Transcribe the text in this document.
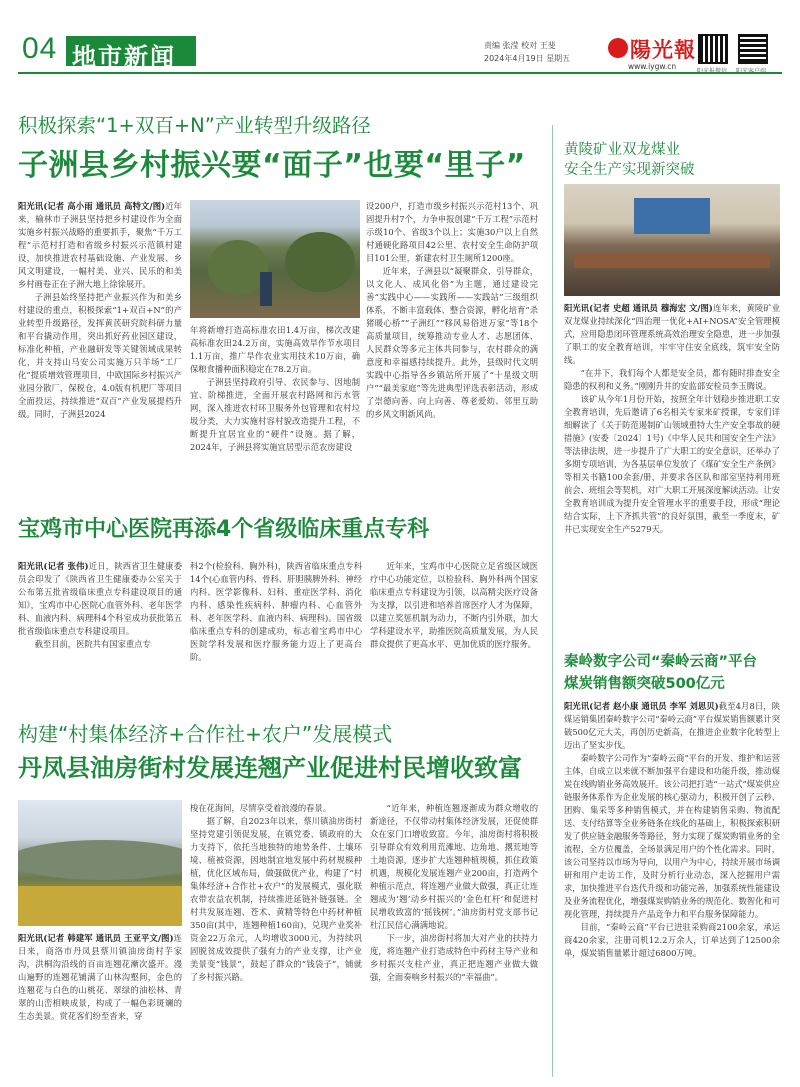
04 地市新闻	责编 张滢 校对 王斐
2024年4月19日 星期五	陽光報
www.iygw.cn
积极探索“1+双百+N”产业转型升级路径
子洲县乡村振兴要“面子”也要“里子”
阳光讯(记者 高小雨 通讯员 高特文/图)近年来，榆林市子洲县坚持把乡村建设作为全面实施乡村振兴战略的重要抓手，聚焦“千万工程”示范村打造和省级乡村振兴示范镇村建设，加快推进农村基础设施、产业发展、乡风文明建设，一幅村美、业兴、民乐的和美乡村画卷正在子洲大地上徐徐展开。

子洲县始终坚持把产业振兴作为和美乡村建设的重点，积极探索“1+双百+N”的产业转型升级路径，发挥黄芪研究院科研力量和平台撬动作用，突出抓好药业园区建设，标准化种植，产业融研发等关键领域成果转化，并支持山马安公司实施万只羊场“工厂化”提质增效管理项目，中欧国际乡村振兴产业园分散厂，保税仓，4.0版有机肥厂等项目全面投运，持续推进“双百”产业发展提档升级。同时，子洲县2024

年将新增打造高标准农田1.4万亩，梯次改建高标准农田24.2万亩，实施高效旱作节水项目1.1万亩，推广旱作农业实用技术10万亩，确保粮食播种面积稳定在78.2万亩。

子洲县坚持政府引导、农民参与、因地制宜、阶梯推进，全面开展农村路网和污水管网，深入推进农村环卫服务外包管理和农村垃圾分类，大力实施村容村貌改造提升工程，不断提升宜居宜业的“硬件”设施。据了解，2024年，子洲县将实施宜居型示范农房建设

设200户，打造市级乡村振兴示范村13个、巩固提升村7个，力争申报创建“千万工程”示范村示级10个、省级3个以上；实施30户以上自然村通硬化路项目42公里、农村安全生命防护项目101公里，新建农村卫生厕所1200座。

近年来，子洲县以“凝聚群众、引导群众，以文化人、成风化俗”为主题，通过建设完善“实践中心——实践所——实践站”三级组织体系，不断丰富载体、整合资源，孵化培育“杀猪暖心桥”“子洲红”“移风易俗进万家”等18个高质量项目，统筹推动专业人才、志愿团体、人民群众等多元主体共同参与，农村群众的满意度和幸福感持续提升。此外，县级时代文明实践中心指导各乡镇站所开展了“十星级文明户”“最美家庭”等先进典型评选表彰活动，形成了崇德向善、向上向善、尊老爱幼、邻里互助的乡风文明新风尚。

宝鸡市中心医院再添4个省级临床重点专科
阳光讯(记者 张伟)近日，陕西省卫生健康委员会印发了《陕西省卫生健康委办公室关于公布第五批省级临床重点专科建设项目的通知》，宝鸡市中心医院心血管外科、老年医学科、血液内科、病理科4个科室成功获批第五批省级临床重点专科建设项目。

截至目前，医院共有国家重点专

科2个(检验科、胸外科)，陕西省临床重点专科14个(心血管内科、骨科、肝胆胰脾外科、神经内科、医学影像科、妇科、重症医学科、消化内科、感染性疾病科、肿瘤内科、心血管外科、老年医学科、血液内科、病理科)。国省级临床重点专科的创建成功，标志着宝鸡市中心医院学科发展和医疗服务能力迈上了更高台阶。

近年来，宝鸡市中心医院立足省级区域医疗中心功能定位，以检验科、胸外科两个国家临床重点专科建设为引领，以高精尖医疗设备为支撑，以引进和培养首席医疗人才为保障，以建立奖惩机制为动力，不断内引外联，加大学科建设水平，助推医院高质量发展，为人民群众提供了更高水平、更加优质的医疗服务。

构建“村集体经济+合作社+农户”发展模式
丹凤县油房街村发展连翘产业促进村民增收致富
阳光讯(记者 韩建军 通讯员 王亚平文/图)连日来，商洛市丹凤县蔡川镇油房街村芋家沟，洪桐沟沿线的百亩连翘花漸次盛开。漫山遍野的连翘花铺满了山林沟壑间，金色的连翘花与白色的山桃花、翠绿的油松林、青翠的山峦相映成景，构成了一幅色彩斑斓的生态美景。赏花客们纷至沓来，穿
梭在花海间，尽情享受着浪漫的春景。

据了解，自2023年以来，蔡川镇油房街村坚持党建引领促发展，在镇党委、镇政府的大力支持下，依托当地独特的地势条件、土壤环境、植被资源，因地制宜地发展中药材规模种植，优化区域布局，做强做优产业，构建了“村集体经济+合作社+农户”的发展模式，强化联农带农益农机制，持续推进延链补链强链。全村共发展连翘、苍术、黄精等特色中药材种植350亩(其中，连翘种植160亩)，兑现产业奖补资金22万余元，人均增收3000元，为持续巩固脱贫成效提供了强有力的产业支撑，让产业美景变“钱景”，鼓起了群众的“钱袋子”，铺就了乡村振兴路。

“近年来，种植连翘逐渐成为群众增收的新途径，不仅带动村集体经济发展，还促使群众在家门口增收致富。今年，油房街村将积极引导群众有效利用荒滩地、边角地、撂荒地等土地资源，逐步扩大连翘种植规模，抓住政策机遇，规模化发展连翘产业200亩，打造两个种植示范点，将连翘产业做大做强，真正让连翘成为‘翘’动乡村振兴的‘金色杠杆’和促进村民增收致富的‘摇钱树’。”油房街村党支部书记杜江民信心满满地说。

下一步，油房街村将加大对产业的扶持力度，将连翘产业打造成特色中药材主导产业和乡村振兴支柱产业，真正把连翘产业做大做强，全面奏响乡村振兴的“幸福曲”。

黄陵矿业双龙煤业
安全生产实现新突破
阳光讯(记者 史超 通讯员 穆海宏 文/图)连年来，黄陵矿业双龙煤业持续深化“四治理一优化+AI+NOSA”安全管理模式，应用隐患闭环管理系统高效治理安全隐患，进一步加强了职工的安全教育培训，牢牢守住安全底线，筑牢安全防线。

“在井下，我们每个人都是安全员，都有随时排查安全隐患的权利和义务。”刚刚升井的安监部安检员李玉腾说。

该矿从今年1月份开始，按照全年计划稳步推进职工安全教育培训，先后邀请了6名相关专家来矿授课，专家们详细解读了《关于防范遏制矿山领域重特大生产安全事故的硬措施》(安委〔2024〕1号)《中华人民共和国安全生产法》等法律法规，进一步提升了广大职工的安全意识，还举办了多期专项培训，为各基层单位发放了《煤矿安全生产条例》等相关书籍100余套/册，并要求各区队和部室坚持利用班前会、班组会等契机，对广大职工开展深度解读活动。让安全教育培训成为提升安全管理水平的重要手段，形成“理论结合实际，上下齐抓共管”的良好氛围，截至一季度末，矿井已实现安全生产5279天。

秦岭数字公司“秦岭云商”平台
煤炭销售额突破500亿元
阳光讯(记者 赵小康 通讯员 李军 刘思贝)截至4月8日，陕煤运销集团秦岭数字公司“秦岭云商”平台煤炭销售额累计突破500亿元大关，再创历史新高，在推进企业数字化转型上迈出了坚实步伐。

秦岭数字公司作为“秦岭云商”平台的开发、维护和运营主体，自成立以来就不断加强平台建设和功能升级，推动煤炭在线购销业务高效展开。该公司把打造“一站式”煤炭供应链服务体系作为企业发展的核心驱动力，积极开创了云秒、团购、集采等多种销售模式，并在构建销售采购、物流配送、支付结算等全业务链条在线化的基础上，积极探索积研发了供应链金融服务等路径，努力实现了煤炭购销业务的全流程、全方位覆盖，全场景满足用户的个性化需求。同时，该公司坚持以市场为导向，以用户为中心，持续开展市场调研和用户走访工作，及时分析行业动态，深入挖掘用户需求，加快推进平台迭代升级和功能完善，加强系统性能建设及业务流程优化，增强煤炭购销业务的规范化、数智化和可视化管理，持续提升产品竞争力和平台服务保障能力。

目前，“秦岭云商”平台已进驻采购商2100余家，承运商420余家，注册司机12.2万余人，订单达到了12500余单，煤炭销售量累计超过6800万吨。
